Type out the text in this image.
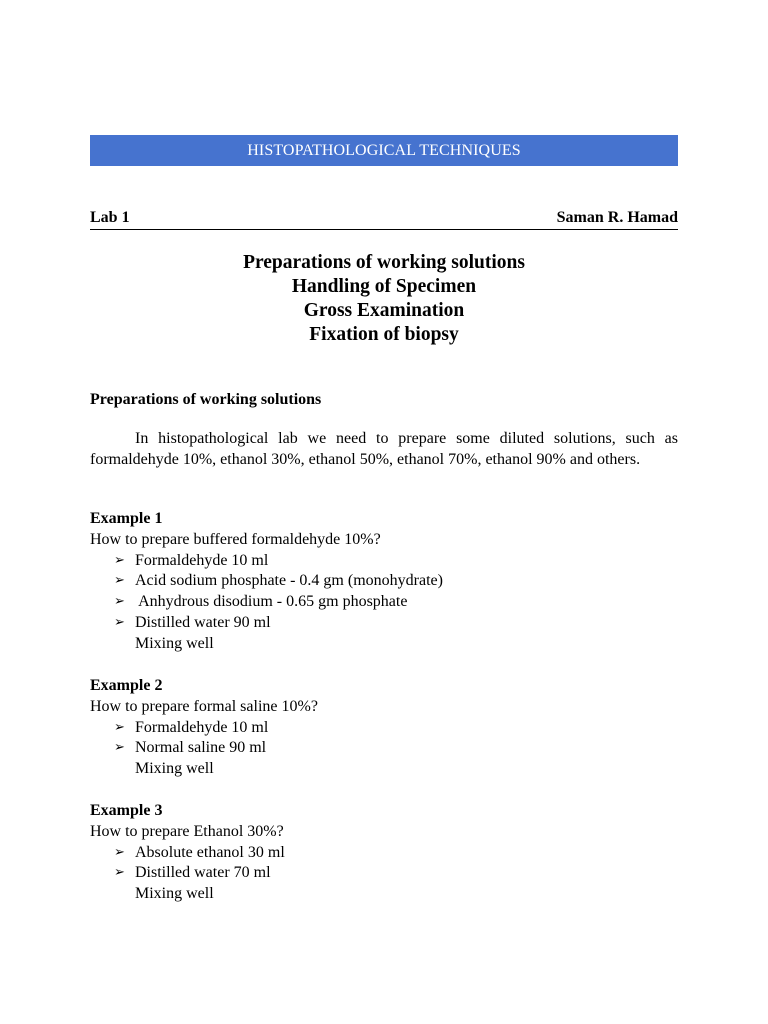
HISTOPATHOLOGICAL TECHNIQUES
Lab 1	Saman R. Hamad
Preparations of working solutions
Handling of Specimen
Gross Examination
Fixation of biopsy
Preparations of working solutions
In histopathological lab we need to prepare some diluted solutions, such as formaldehyde 10%, ethanol 30%, ethanol 50%, ethanol 70%, ethanol 90% and others.
Example 1
How to prepare buffered formaldehyde 10%?
➢ Formaldehyde 10 ml
➢ Acid sodium phosphate - 0.4 gm (monohydrate)
➢ Anhydrous disodium - 0.65 gm phosphate
➢ Distilled water 90 ml
Mixing well
Example 2
How to prepare formal saline 10%?
➢ Formaldehyde 10 ml
➢ Normal saline 90 ml
Mixing well
Example 3
How to prepare Ethanol 30%?
➢ Absolute ethanol 30 ml
➢ Distilled water 70 ml
Mixing well
